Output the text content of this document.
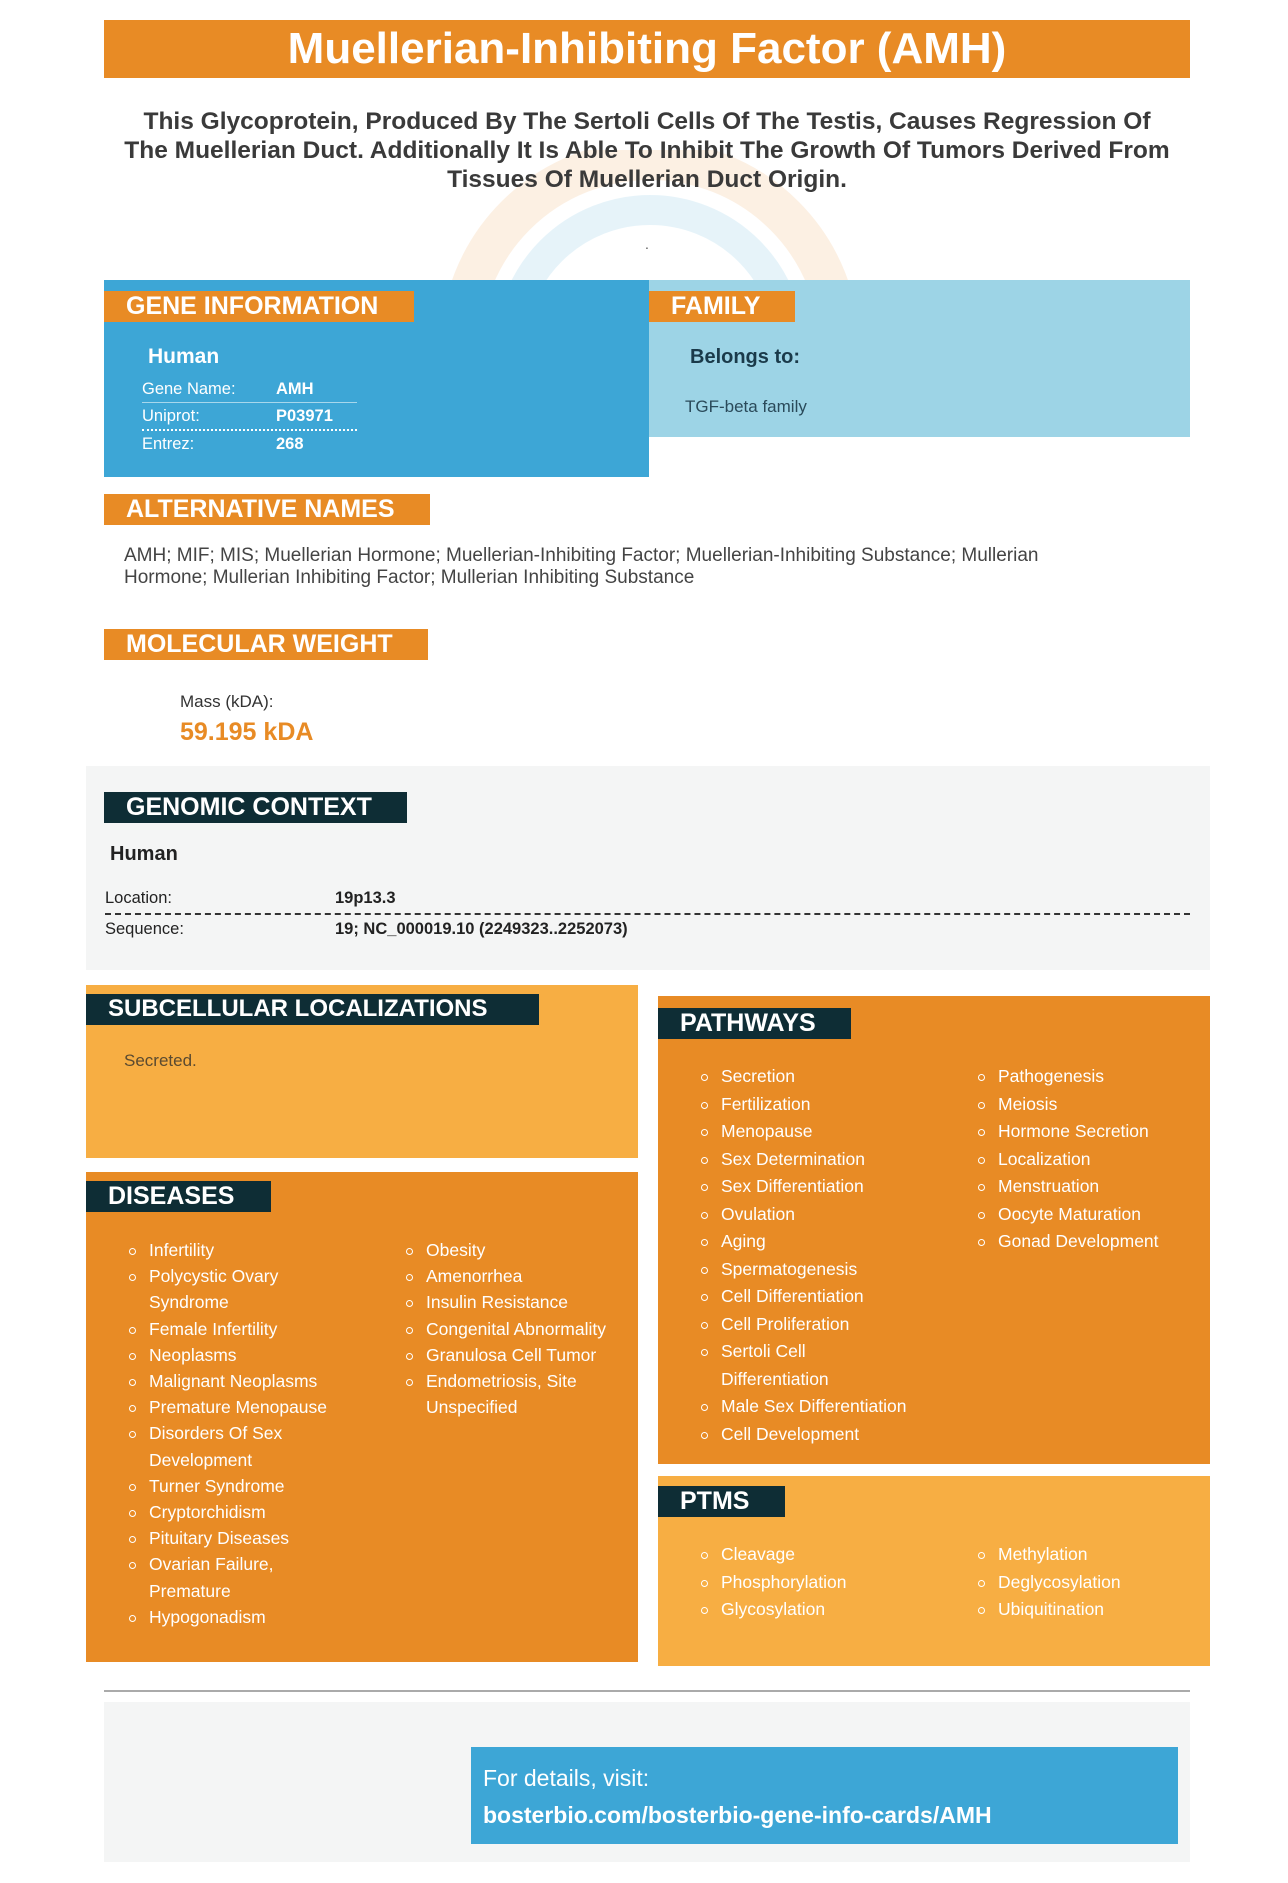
Muellerian-Inhibiting Factor (AMH)
This Glycoprotein, Produced By The Sertoli Cells Of The Testis, Causes Regression Of The Muellerian Duct. Additionally It Is Able To Inhibit The Growth Of Tumors Derived From Tissues Of Muellerian Duct Origin.
.
GENE INFORMATION
Human
Gene Name: AMH
Uniprot:	P03971
Entrez:	268
FAMILY
Belongs to:
TGF-beta family
ALTERNATIVE NAMES
AMH; MIF; MIS; Muellerian Hormone; Muellerian-Inhibiting Factor; Muellerian-Inhibiting Substance; Mullerian Hormone; Mullerian Inhibiting Factor; Mullerian Inhibiting Substance
MOLECULAR WEIGHT
Mass (kDA):
59.195 kDA
GENOMIC CONTEXT
Human
Location:	19p13.3
Sequence:	19; NC_000019.10 (2249323..2252073)
SUBCELLULAR LOCALIZATIONS
Secreted.
DISEASES
Infertility
Polycystic Ovary Syndrome
Female Infertility
Neoplasms
Malignant Neoplasms
Premature Menopause
Disorders Of Sex Development
Turner Syndrome
Cryptorchidism
Pituitary Diseases
Ovarian Failure, Premature
Hypogonadism
Obesity
Amenorrhea
Insulin Resistance
Congenital Abnormality
Granulosa Cell Tumor
Endometriosis, Site Unspecified
PATHWAYS
Secretion
Fertilization
Menopause
Sex Determination
Sex Differentiation
Ovulation
Aging
Spermatogenesis
Cell Differentiation
Cell Proliferation
Sertoli Cell Differentiation
Male Sex Differentiation
Cell Development
Pathogenesis
Meiosis
Hormone Secretion
Localization
Menstruation
Oocyte Maturation
Gonad Development
PTMS
Cleavage
Phosphorylation
Glycosylation
Methylation
Deglycosylation
Ubiquitination
For details, visit:
bosterbio.com/bosterbio-gene-info-cards/AMH
